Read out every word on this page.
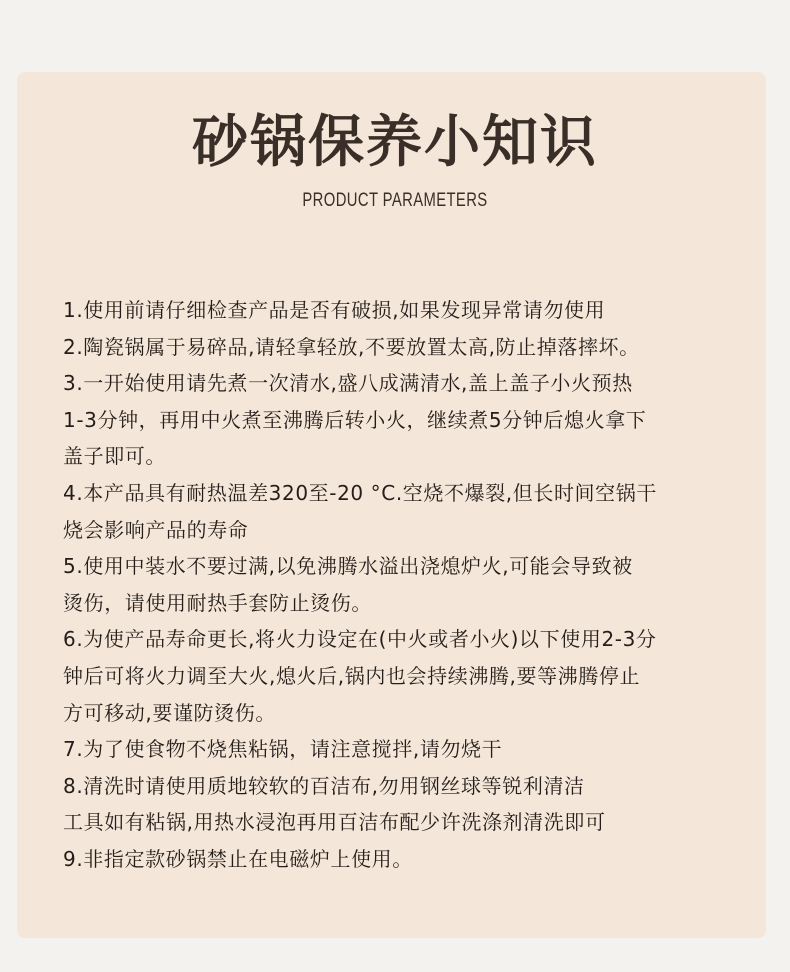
砂锅保养小知识
PRODUCT PARAMETERS
1.使用前请仔细检查产品是否有破损,如果发现异常请勿使用
2.陶瓷锅属于易碎品,请轻拿轻放,不要放置太高,防止掉落摔坏。
3.一开始使用请先煮一次清水,盛八成满清水,盖上盖子小火预热
1-3分钟，再用中火煮至沸腾后转小火，继续煮5分钟后熄火拿下
盖子即可。
4.本产品具有耐热温差320至-20 °C.空烧不爆裂,但长时间空锅干
烧会影响产品的寿命
5.使用中装水不要过满,以免沸腾水溢出浇熄炉火,可能会导致被
烫伤，请使用耐热手套防止烫伤。
6.为使产品寿命更长,将火力设定在(中火或者小火)以下使用2-3分
钟后可将火力调至大火,熄火后,锅内也会持续沸腾,要等沸腾停止
方可移动,要谨防烫伤。
7.为了使食物不烧焦粘锅，请注意搅拌,请勿烧干
8.清洗时请使用质地较软的百洁布,勿用钢丝球等锐利清洁
工具如有粘锅,用热水浸泡再用百洁布配少许洗涤剂清洗即可
9.非指定款砂锅禁止在电磁炉上使用。
